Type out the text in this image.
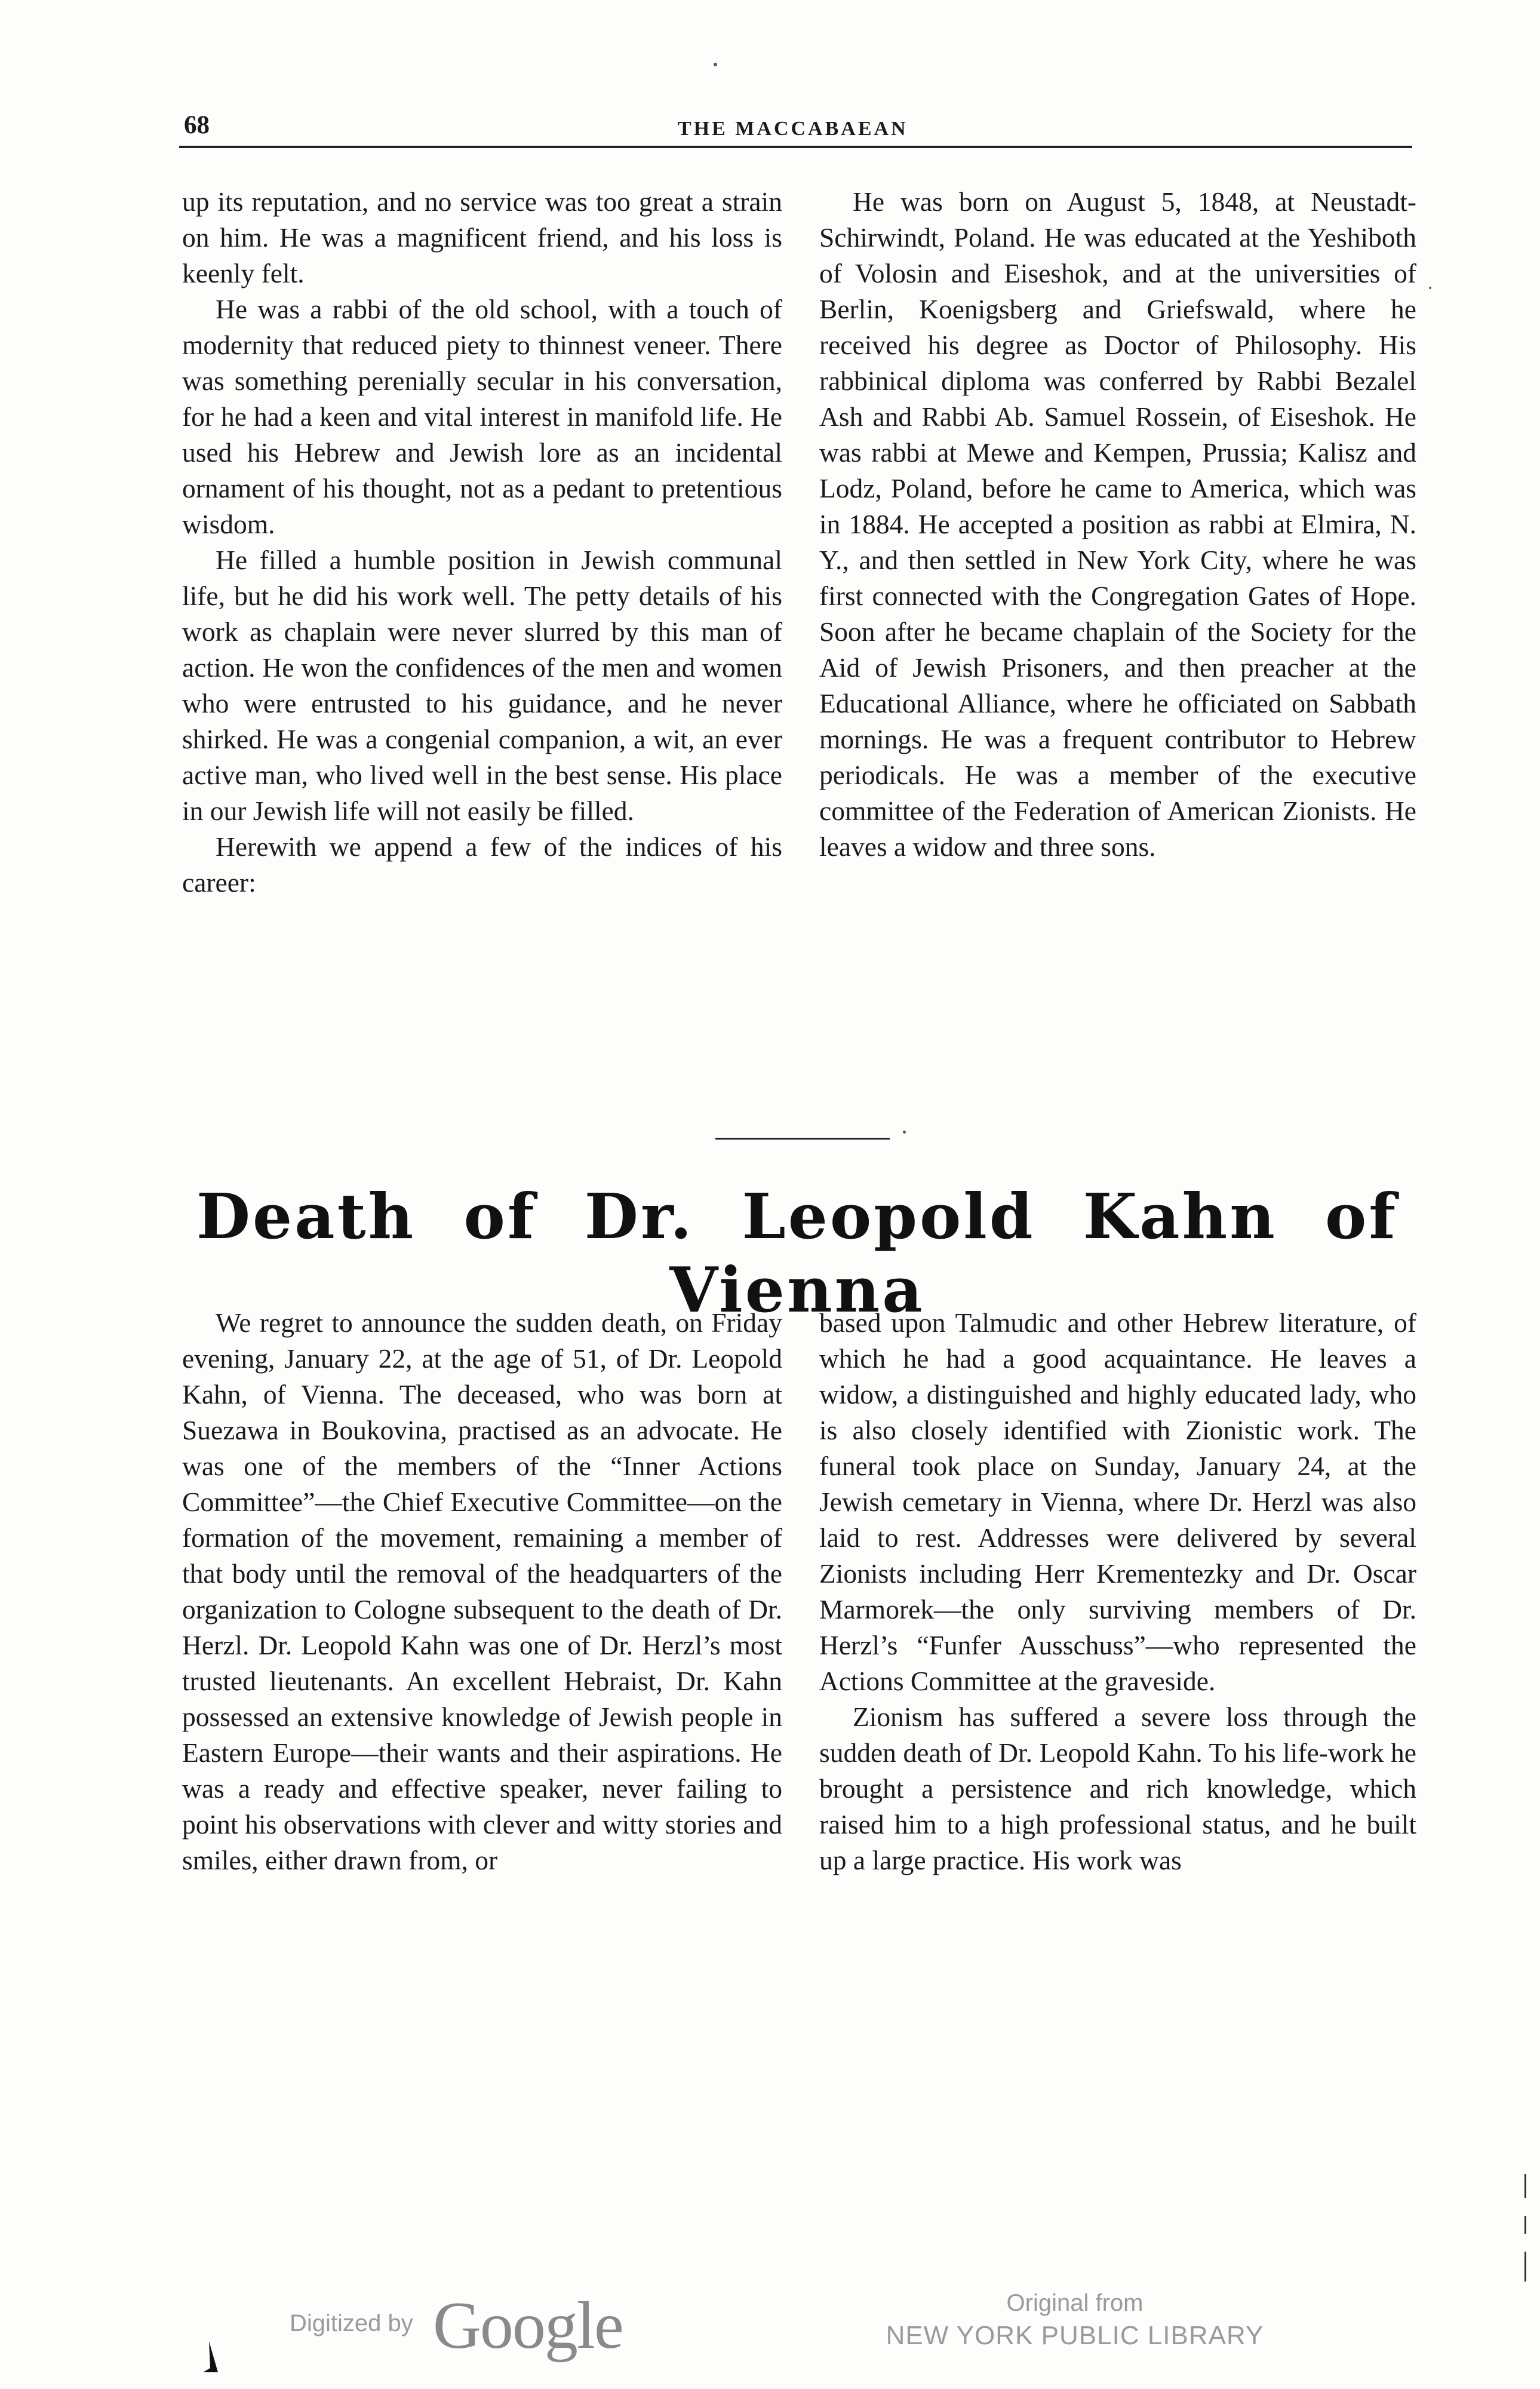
68	THE MACCABAEAN

up its reputation, and no service was too great a strain on him. He was a magnificent friend, and his loss is keenly felt.

He was a rabbi of the old school, with a touch of modernity that reduced piety to thinnest veneer. There was something perenially secular in his conversation, for he had a keen and vital interest in manifold life. He used his Hebrew and Jewish lore as an incidental ornament of his thought, not as a pedant to pretentious wisdom.

He filled a humble position in Jewish communal life, but he did his work well. The petty details of his work as chaplain were never slurred by this man of action. He won the confidences of the men and women who were entrusted to his guidance, and he never shirked. He was a congenial companion, a wit, an ever active man, who lived well in the best sense. His place in our Jewish life will not easily be filled.

Herewith we append a few of the indices of his career:

He was born on August 5, 1848, at Neustadt-Schirwindt, Poland. He was educated at the Yeshiboth of Volosin and Eiseshok, and at the universities of Berlin, Koenigsberg and Griefswald, where he received his degree as Doctor of Philosophy. His rabbinical diploma was conferred by Rabbi Bezalel Ash and Rabbi Ab. Samuel Rossein, of Eiseshok. He was rabbi at Mewe and Kempen, Prussia; Kalisz and Lodz, Poland, before he came to America, which was in 1884. He accepted a position as rabbi at Elmira, N. Y., and then settled in New York City, where he was first connected with the Congregation Gates of Hope. Soon after he became chaplain of the Society for the Aid of Jewish Prisoners, and then preacher at the Educational Alliance, where he officiated on Sabbath mornings. He was a frequent contributor to Hebrew periodicals. He was a member of the executive committee of the Federation of American Zionists. He leaves a widow and three sons.

Death of Dr. Leopold Kahn of Vienna

We regret to announce the sudden death, on Friday evening, January 22, at the age of 51, of Dr. Leopold Kahn, of Vienna. The deceased, who was born at Suezawa in Boukovina, practised as an advocate. He was one of the members of the “Inner Actions Committee”—the Chief Executive Committee—on the formation of the movement, remaining a member of that body until the removal of the headquarters of the organization to Cologne subsequent to the death of Dr. Herzl. Dr. Leopold Kahn was one of Dr. Herzl’s most trusted lieutenants. An excellent Hebraist, Dr. Kahn possessed an extensive knowledge of Jewish people in Eastern Europe—their wants and their aspirations. He was a ready and effective speaker, never failing to point his observations with clever and witty stories and smiles, either drawn from, or

based upon Talmudic and other Hebrew literature, of which he had a good acquaintance. He leaves a widow, a distinguished and highly educated lady, who is also closely identified with Zionistic work. The funeral took place on Sunday, January 24, at the Jewish cemetary in Vienna, where Dr. Herzl was also laid to rest. Addresses were delivered by several Zionists including Herr Krementezky and Dr. Oscar Marmorek—the only surviving members of Dr. Herzl’s “Funfer Ausschuss”—who represented the Actions Committee at the graveside.

Zionism has suffered a severe loss through the sudden death of Dr. Leopold Kahn. To his life-work he brought a persistence and rich knowledge, which raised him to a high professional status, and he built up a large practice. His work was

Digitized by Google	Original from
NEW YORK PUBLIC LIBRARY
